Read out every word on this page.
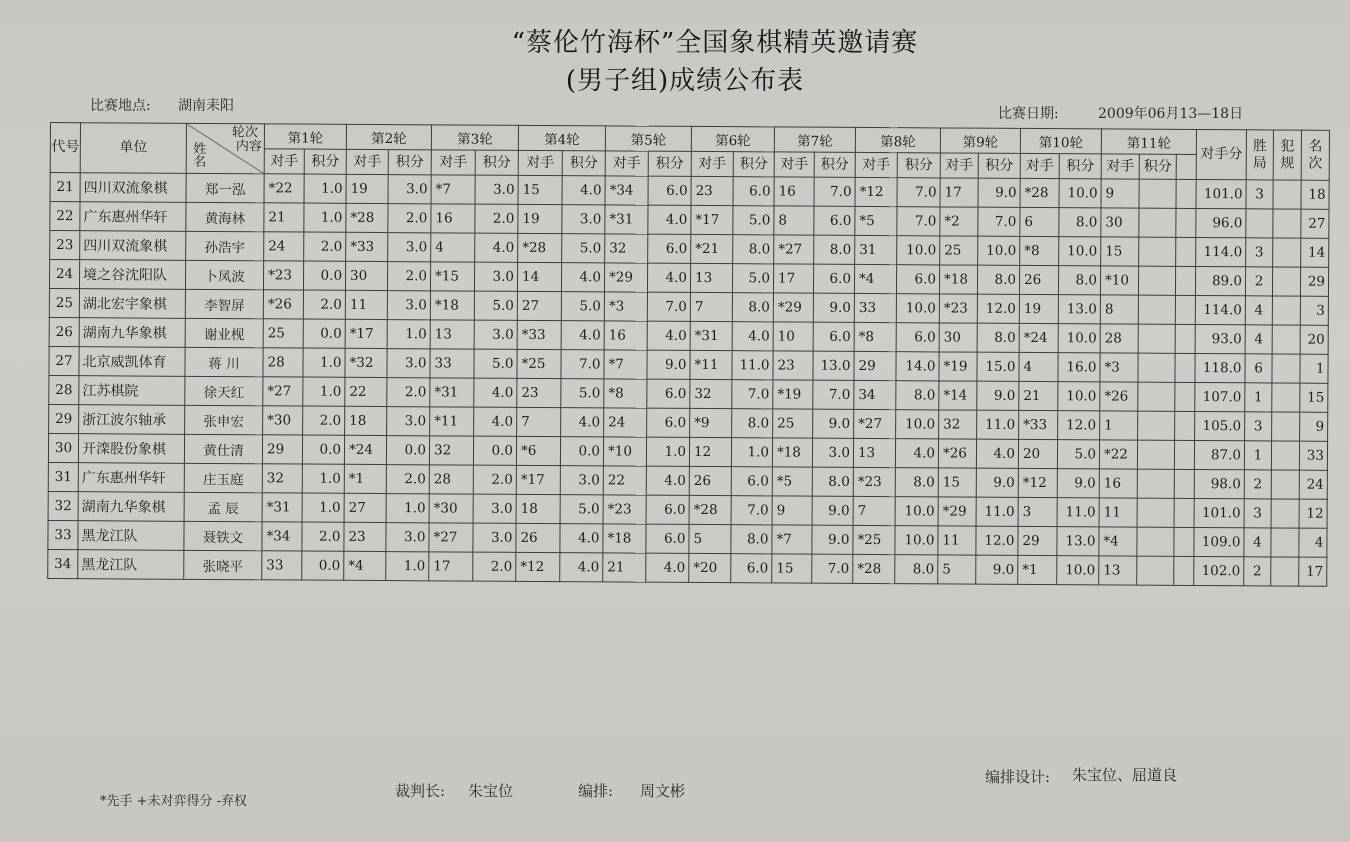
“蔡伦竹海杯”全国象棋精英邀请赛
(男子组)成绩公布表
比赛地点: 湖南耒阳	比赛日期:	2009年06月13—18日
代号	单位	轮次
内容
姓名	第1轮		第2轮		第3轮		第4轮		第5轮		第6轮		第7轮		第8轮		第9轮		第10轮		第11轮			对手分	胜局	犯规	名次
			对手	积分	对手	积分	对手	积分	对手	积分	对手	积分	对手	积分	对手	积分	对手	积分	对手	积分	对手	积分	对手	积分					
21	四川双流象棋	郑一泓	*22	1.0	19	3.0	*7	3.0	15	4.0	*34	6.0	23	6.0	16	7.0	*12	7.0	17	9.0	*28	10.0	9			101.0	3		18
22	广东惠州华轩	黄海林	21	1.0	*28	2.0	16	2.0	19	3.0	*31	4.0	*17	5.0	8	6.0	*5	7.0	*2	7.0	6	8.0	30			96.0			27
23	四川双流象棋	孙浩宇	24	2.0	*33	3.0	4	4.0	*28	5.0	32	6.0	*21	8.0	*27	8.0	31	10.0	25	10.0	*8	10.0	15			114.0	3		14
24	境之谷沈阳队	卜凤波	*23	0.0	30	2.0	*15	3.0	14	4.0	*29	4.0	13	5.0	17	6.0	*4	6.0	*18	8.0	26	8.0	*10			89.0	2		29
25	湖北宏宇象棋	李智屏	*26	2.0	11	3.0	*18	5.0	27	5.0	*3	7.0	7	8.0	*29	9.0	33	10.0	*23	12.0	19	13.0	8			114.0	4		3
26	湖南九华象棋	谢业枧	25	0.0	*17	1.0	13	3.0	*33	4.0	16	4.0	*31	4.0	10	6.0	*8	6.0	30	8.0	*24	10.0	28			93.0	4		20
27	北京威凯体育	蒋 川	28	1.0	*32	3.0	33	5.0	*25	7.0	*7	9.0	*11	11.0	23	13.0	29	14.0	*19	15.0	4	16.0	*3			118.0	6		1
28	江苏棋院	徐天红	*27	1.0	22	2.0	*31	4.0	23	5.0	*8	6.0	32	7.0	*19	7.0	34	8.0	*14	9.0	21	10.0	*26			107.0	1		15
29	浙江波尔轴承	张申宏	*30	2.0	18	3.0	*11	4.0	7	4.0	24	6.0	*9	8.0	25	9.0	*27	10.0	32	11.0	*33	12.0	1			105.0	3		9
30	开滦股份象棋	黄仕清	29	0.0	*24	0.0	32	0.0	*6	0.0	*10	1.0	12	1.0	*18	3.0	13	4.0	*26	4.0	20	5.0	*22			87.0	1		33
31	广东惠州华轩	庄玉庭	32	1.0	*1	2.0	28	2.0	*17	3.0	22	4.0	26	6.0	*5	8.0	*23	8.0	15	9.0	*12	9.0	16			98.0	2		24
32	湖南九华象棋	孟 辰	*31	1.0	27	1.0	*30	3.0	18	5.0	*23	6.0	*28	7.0	9	9.0	7	10.0	*29	11.0	3	11.0	11			101.0	3		12
33	黑龙江队	聂铁文	*34	2.0	23	3.0	*27	3.0	26	4.0	*18	6.0	5	8.0	*7	9.0	*25	10.0	11	12.0	29	13.0	*4			109.0	4		4
34	黑龙江队	张晓平	33	0.0	*4	1.0	17	2.0	*12	4.0	21	4.0	*20	6.0	15	7.0	*28	8.0	5	9.0	*1	10.0	13			102.0	2		17
*先手 +未对弈得分 -弃权
裁判长: 朱宝位	编排: 周文彬
编排设计: 朱宝位、屈道良
